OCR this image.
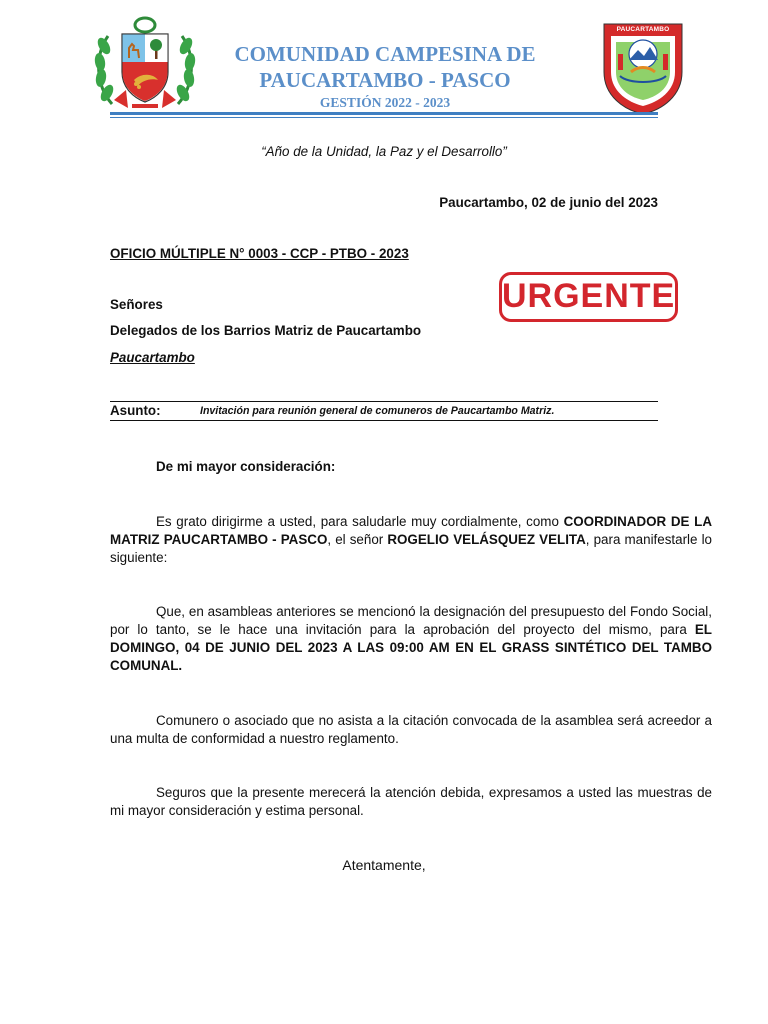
COMUNIDAD CAMPESINA DE
PAUCARTAMBO - PASCO
GESTIÓN 2022 - 2023
PAUCARTAMBO
“Año de la Unidad, la Paz y el Desarrollo”
Paucartambo, 02 de junio del 2023
OFICIO MÚLTIPLE N° 0003 - CCP - PTBO - 2023
URGENTE
Señores
Delegados de los Barrios Matriz de Paucartambo
Paucartambo
Asunto:	Invitación para reunión general de comuneros de Paucartambo Matriz.
De mi mayor consideración:
Es grato dirigirme a usted, para saludarle muy cordialmente, como COORDINADOR DE LA MATRIZ PAUCARTAMBO - PASCO, el señor ROGELIO VELÁSQUEZ VELITA, para manifestarle lo siguiente:
Que, en asambleas anteriores se mencionó la designación del presupuesto del Fondo Social, por lo tanto, se le hace una invitación para la aprobación del proyecto del mismo, para EL DOMINGO, 04 DE JUNIO DEL 2023 A LAS 09:00 AM EN EL GRASS SINTÉTICO DEL TAMBO COMUNAL.
Comunero o asociado que no asista a la citación convocada de la asamblea será acreedor a una multa de conformidad a nuestro reglamento.
Seguros que la presente merecerá la atención debida, expresamos a usted las muestras de mi mayor consideración y estima personal.
Atentamente,
